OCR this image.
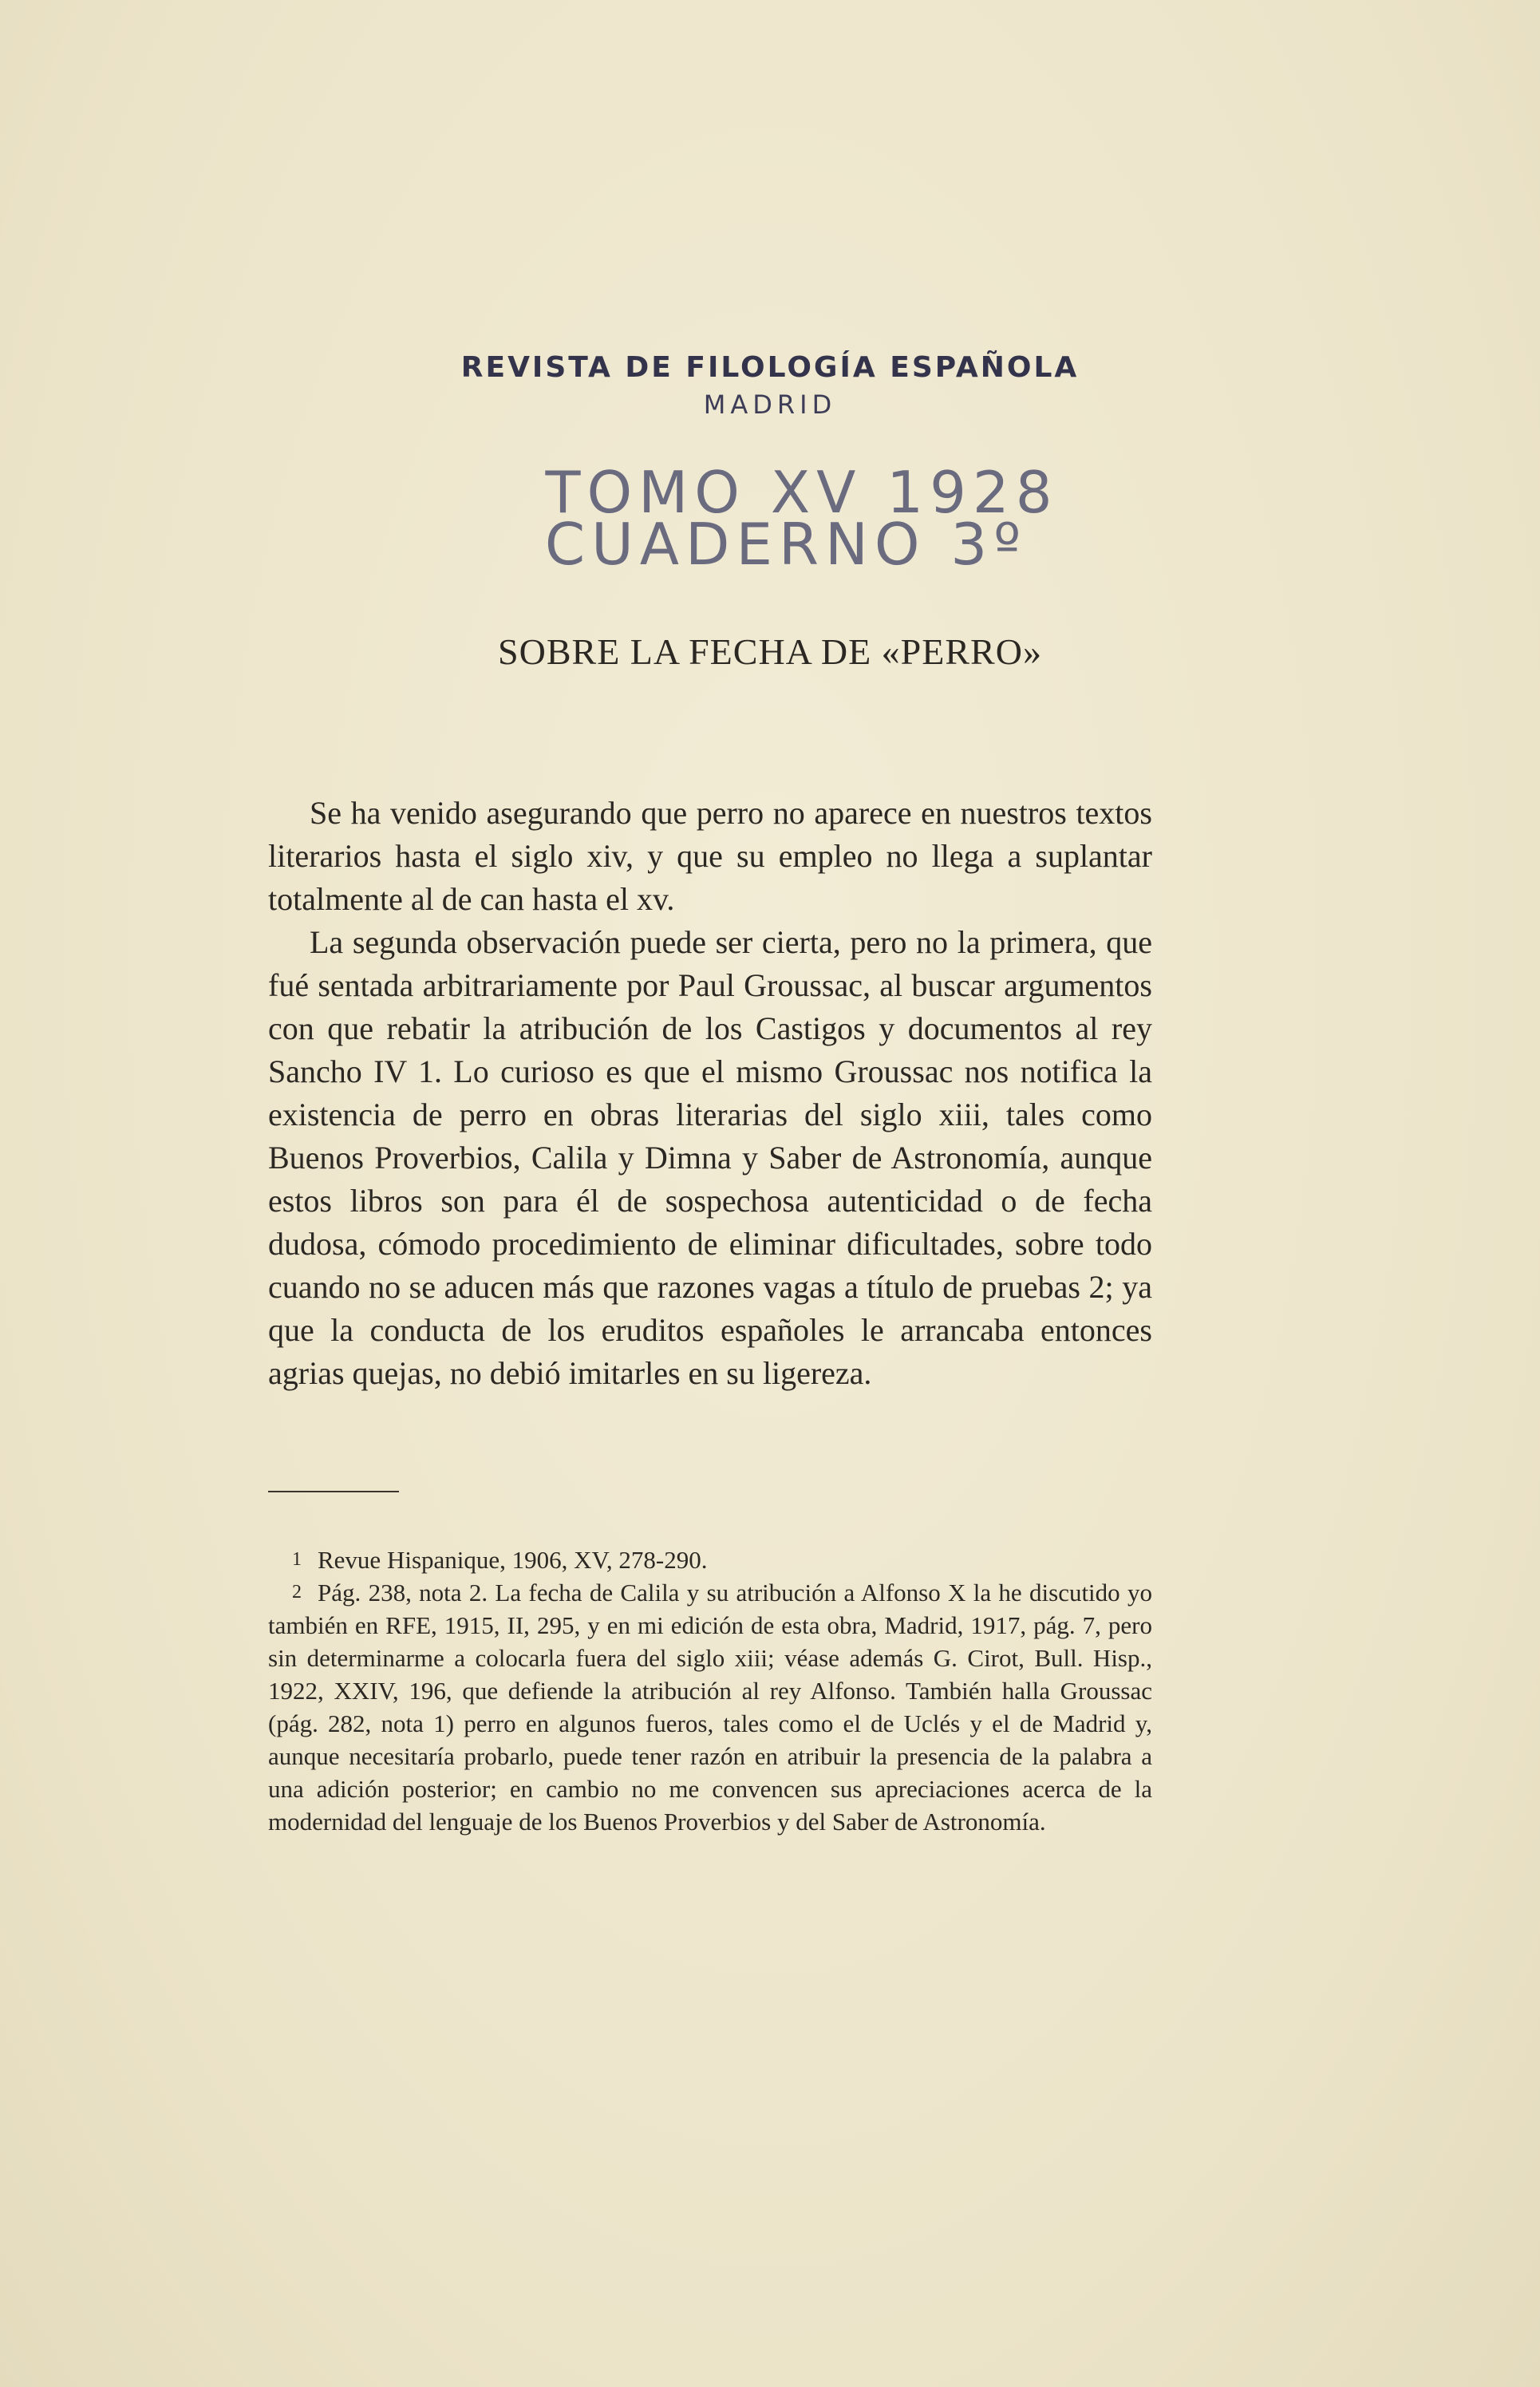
REVISTA DE FILOLOGÍA ESPAÑOLA
MADRID
TOMO XV 1928
CUADERNO 3º
SOBRE LA FECHA DE «PERRO»

Se ha venido asegurando que perro no aparece en nuestros textos literarios hasta el siglo xiv, y que su empleo no llega a suplantar totalmente al de can hasta el xv.

La segunda observación puede ser cierta, pero no la primera, que fué sentada arbitrariamente por Paul Groussac, al buscar argumentos con que rebatir la atribución de los Castigos y documentos al rey Sancho IV 1. Lo curioso es que el mismo Groussac nos notifica la existencia de perro en obras literarias del siglo xiii, tales como Buenos Proverbios, Calila y Dimna y Saber de Astronomía, aunque estos libros son para él de sospechosa autenticidad o de fecha dudosa, cómodo procedimiento de eliminar dificultades, sobre todo cuando no se aducen más que razones vagas a título de pruebas 2; ya que la conducta de los eruditos españoles le arrancaba entonces agrias quejas, no debió imitarles en su ligereza.

$^1$ Revue Hispanique, 1906, XV, 278-290.

$^2$ Pág. 238, nota 2. La fecha de Calila y su atribución a Alfonso X la he discutido yo también en RFE, 1915, II, 295, y en mi edición de esta obra, Madrid, 1917, pág. 7, pero sin determinarme a colocarla fuera del siglo xiii; véase además G. Cirot, Bull. Hisp., 1922, XXIV, 196, que defiende la atribución al rey Alfonso. También halla Groussac (pág. 282, nota 1) perro en algunos fueros, tales como el de Uclés y el de Madrid y, aunque necesitaría probarlo, puede tener razón en atribuir la presencia de la palabra a una adición posterior; en cambio no me convencen sus apreciaciones acerca de la modernidad del lenguaje de los Buenos Proverbios y del Saber de Astronomía.
